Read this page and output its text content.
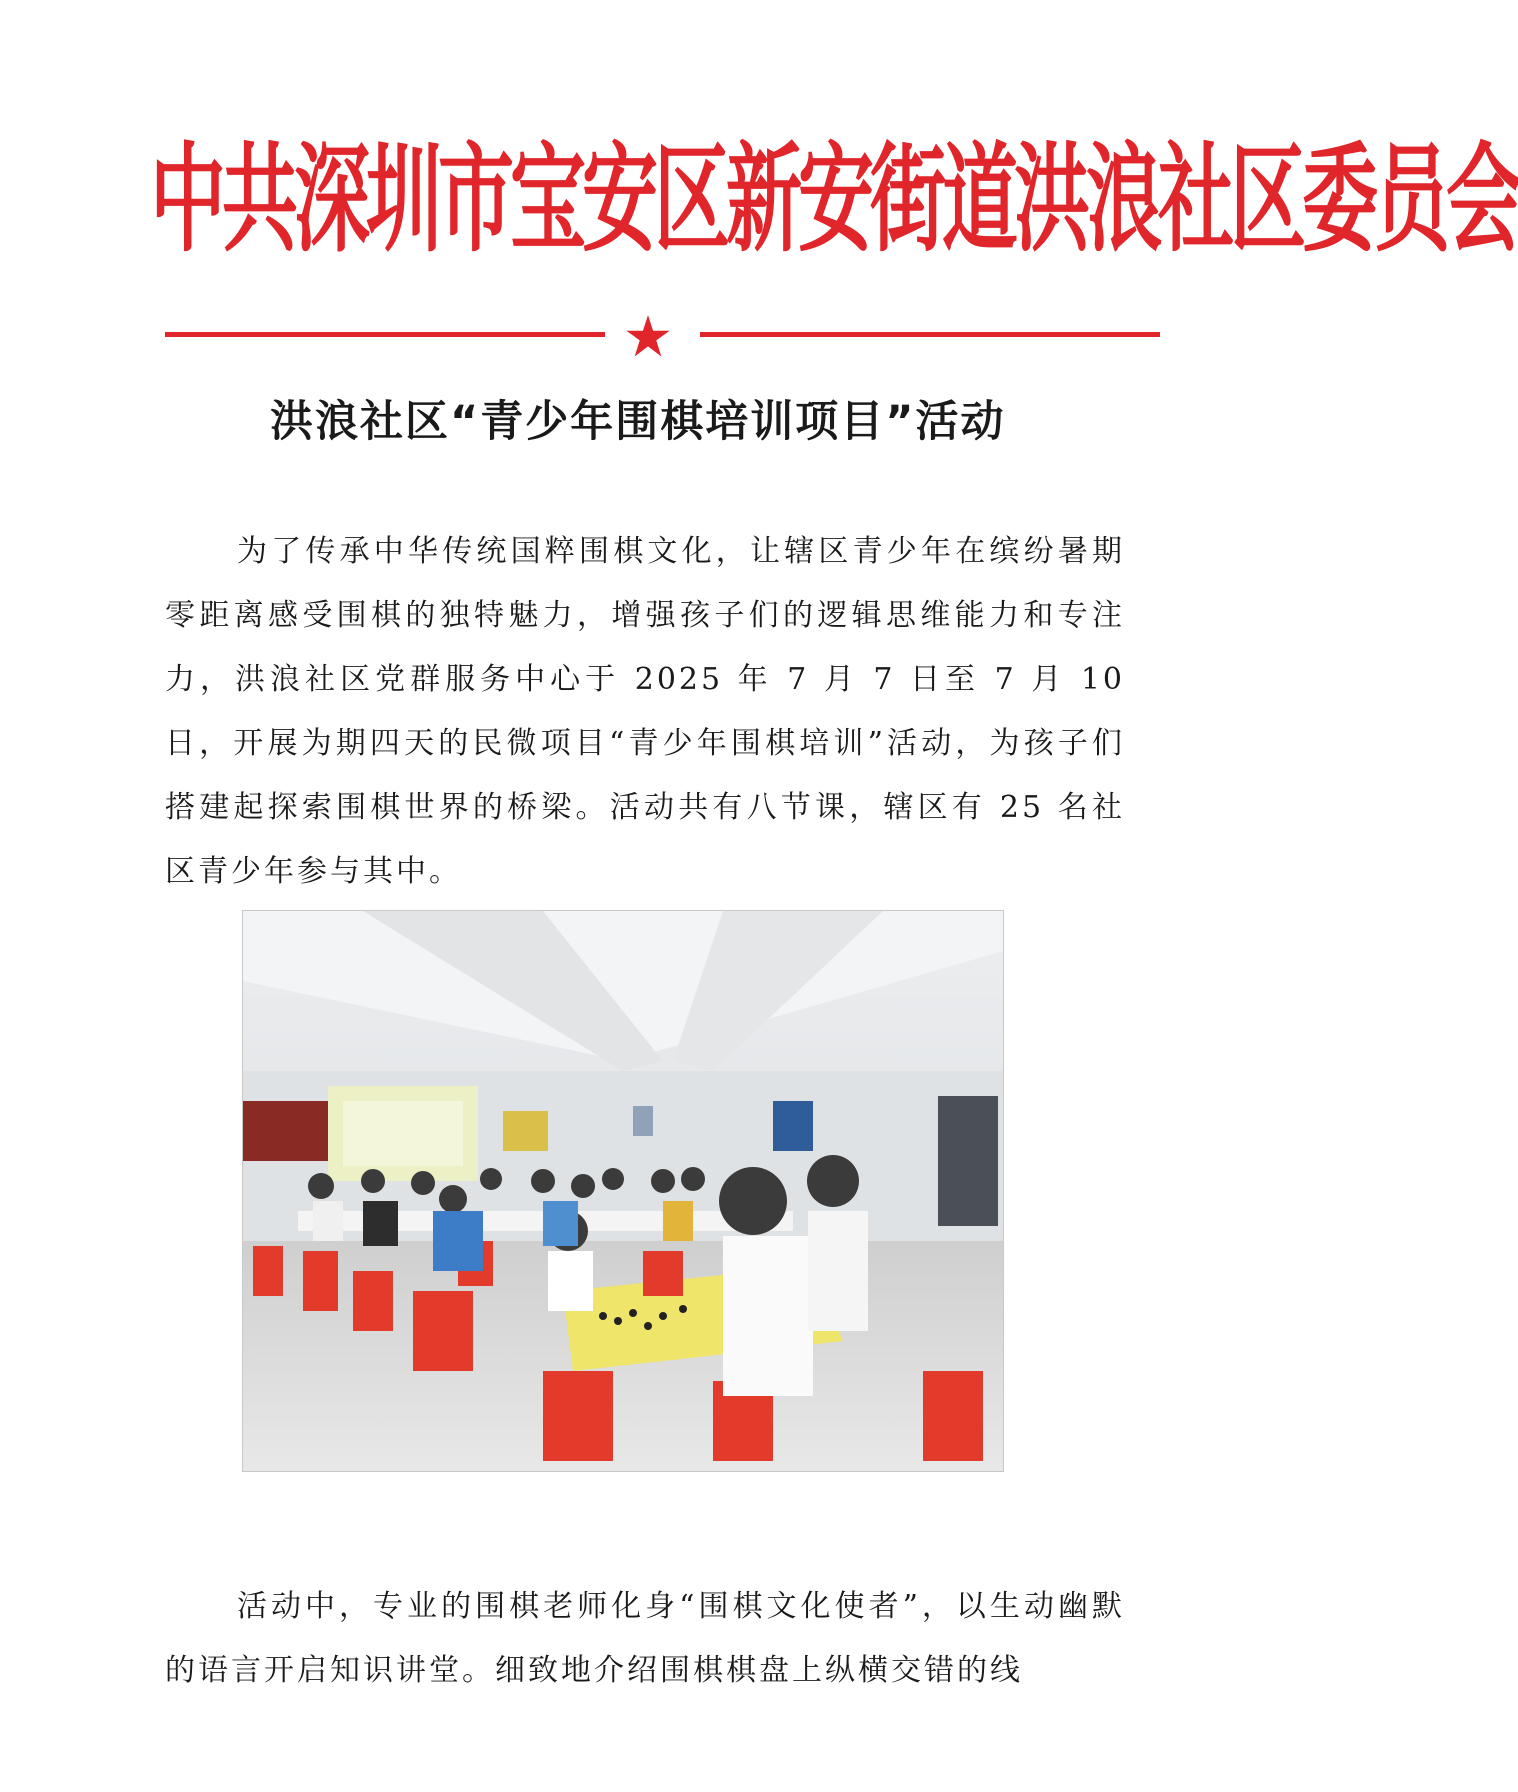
中共深圳市宝安区新安街道洪浪社区委员会
洪浪社区“青少年围棋培训项目”活动

为了传承中华传统国粹围棋文化，让辖区青少年在缤纷暑期零距离感受围棋的独特魅力，增强孩子们的逻辑思维能力和专注力，洪浪社区党群服务中心于 2025 年 7 月 7 日至 7 月 10 日，开展为期四天的民微项目“青少年围棋培训”活动，为孩子们搭建起探索围棋世界的桥梁。活动共有八节课，辖区有 25 名社区青少年参与其中。

活动中，专业的围棋老师化身“围棋文化使者”，以生动幽默的语言开启知识讲堂。细致地介绍围棋棋盘上纵横交错的线
